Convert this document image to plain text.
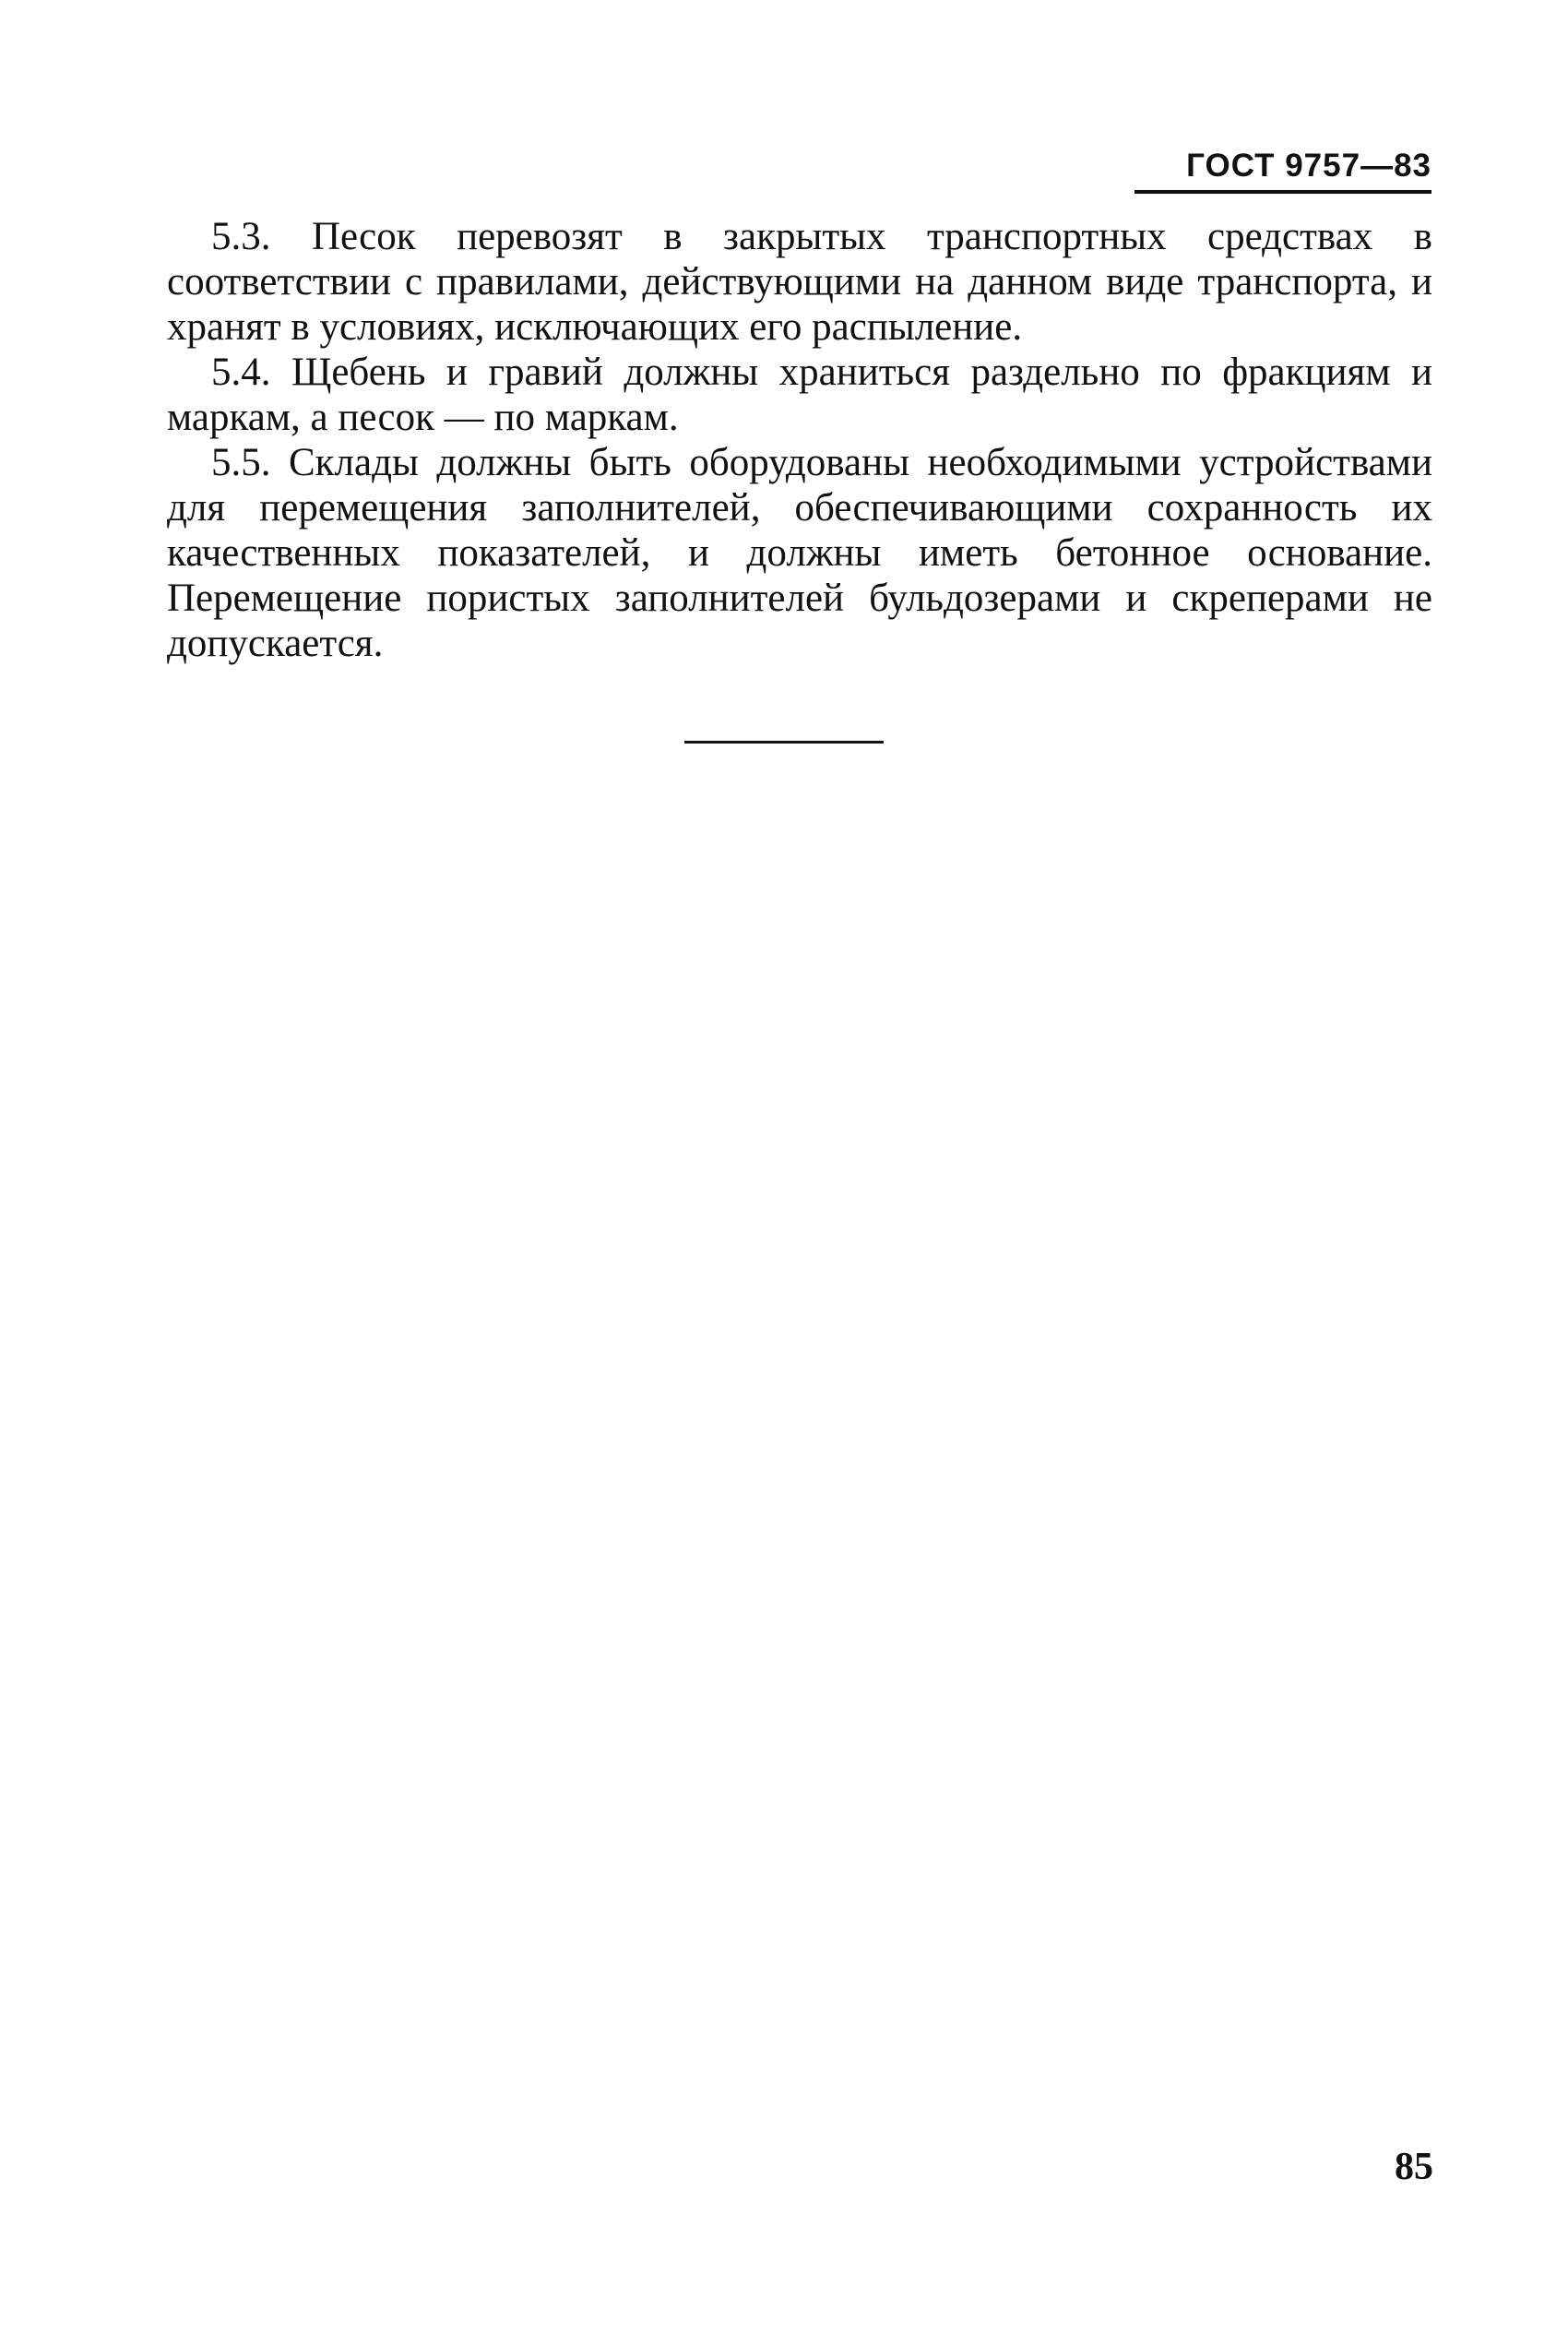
ГОСТ 9757—83

5.3. Песок перевозят в закрытых транспортных средствах в соответствии с правилами, действующими на данном виде транспорта, и хранят в условиях, исключающих его распыление.

5.4. Щебень и гравий должны храниться раздельно по фракциям и маркам, а песок — по маркам.

5.5. Склады должны быть оборудованы необходимыми устройствами для перемещения заполнителей, обеспечивающими сохранность их качественных показателей, и должны иметь бетонное основание. Перемещение пористых заполнителей бульдозерами и скреперами не допускается.

85
